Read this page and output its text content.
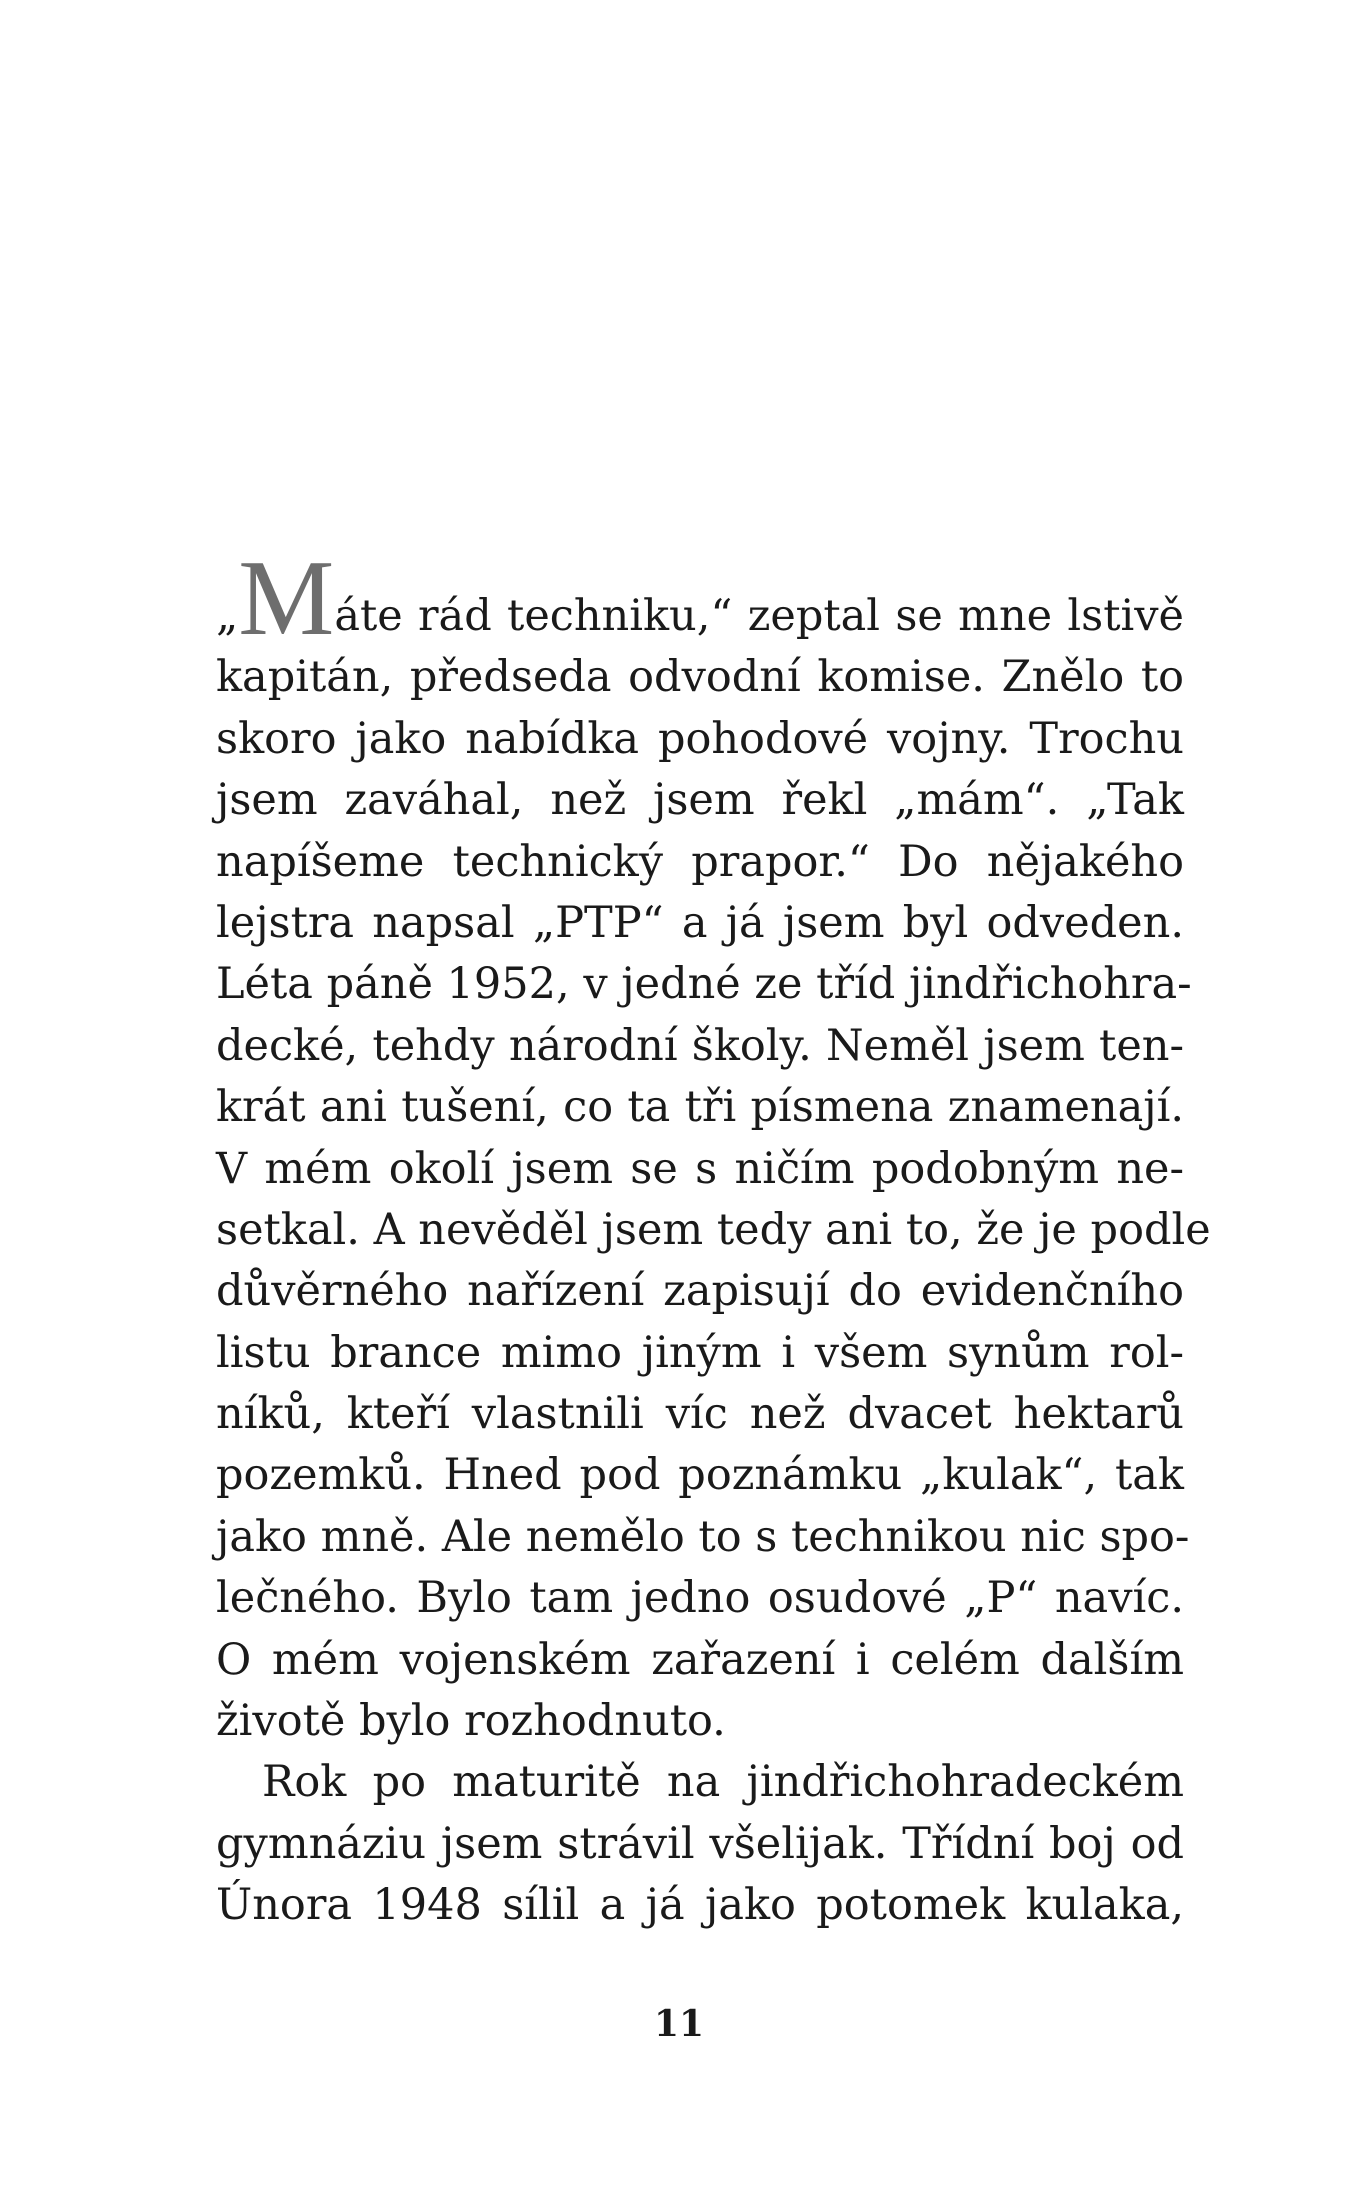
„Máte rád techniku,“ zeptal se mne lstivě
kapitán, předseda odvodní komise. Znělo to
skoro jako nabídka pohodové vojny. Trochu
jsem zaváhal, než jsem řekl „mám“. „Tak
napíšeme technický prapor.“ Do nějakého
lejstra napsal „PTP“ a já jsem byl odveden.
Léta páně 1952, v jedné ze tříd jindřichohra-
decké, tehdy národní školy. Neměl jsem ten-
krát ani tušení, co ta tři písmena znamenají.
V mém okolí jsem se s ničím podobným ne-
setkal. A nevěděl jsem tedy ani to, že je podle
důvěrného nařízení zapisují do evidenčního
listu brance mimo jiným i všem synům rol-
níků, kteří vlastnili víc než dvacet hektarů
pozemků. Hned pod poznámku „kulak“, tak
jako mně. Ale nemělo to s technikou nic spo-
lečného. Bylo tam jedno osudové „P“ navíc.
O mém vojenském zařazení i celém dalším
životě bylo rozhodnuto.

Rok po maturitě na jindřichohradeckém
gymnáziu jsem strávil všelijak. Třídní boj od
Února 1948 sílil a já jako potomek kulaka,

11
